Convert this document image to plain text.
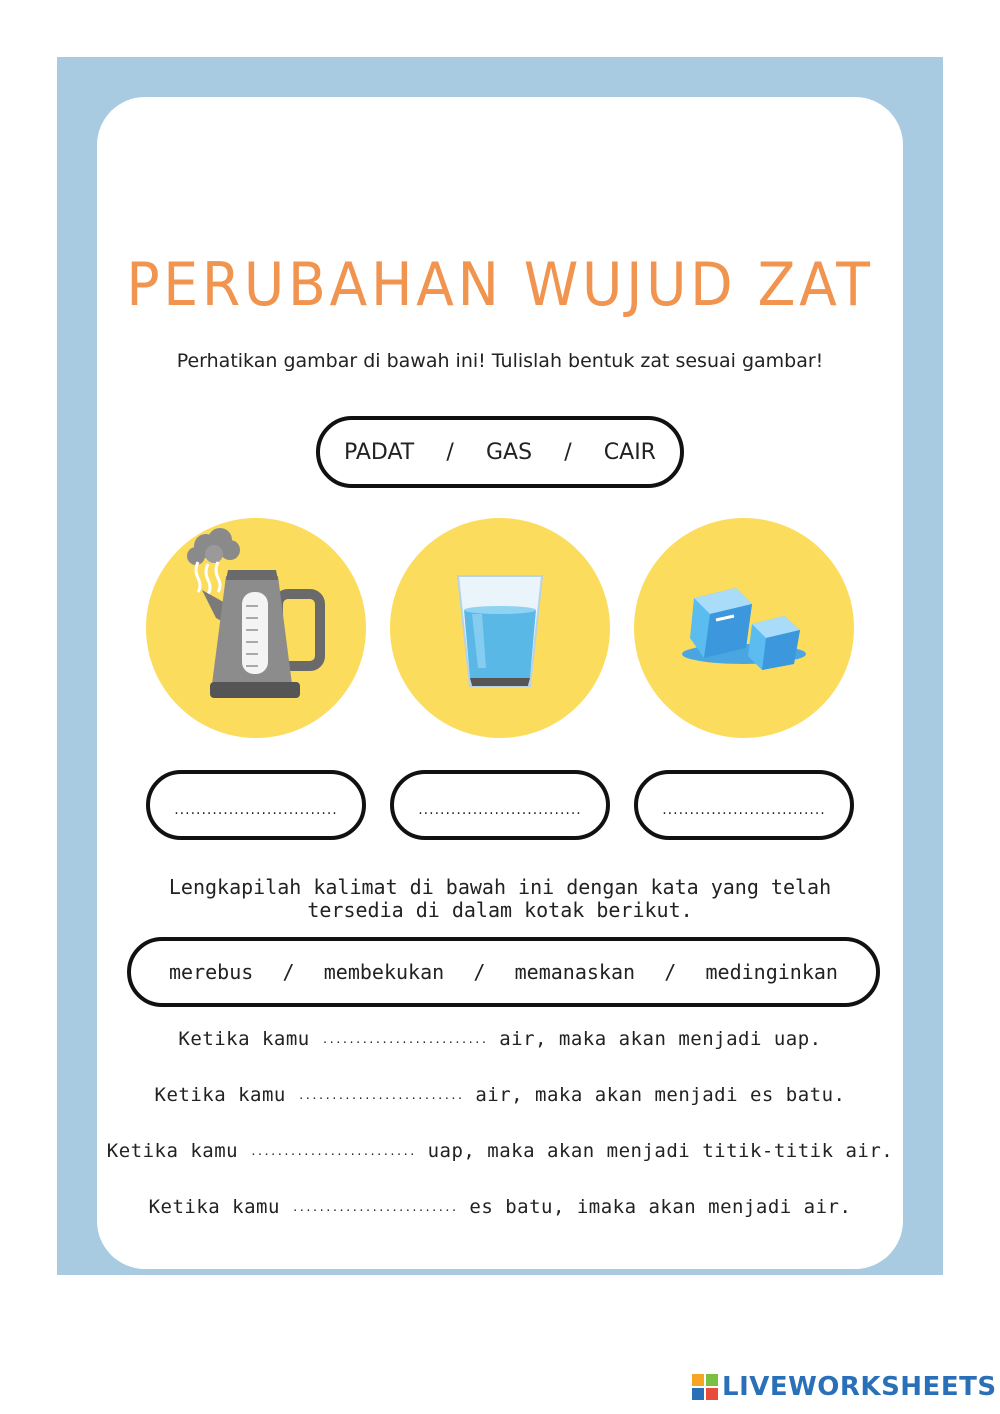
PERUBAHAN WUJUD ZAT
Perhatikan gambar di bawah ini! Tulislah bentuk zat sesuai gambar!
PADAT / GAS / CAIR
..............................	..............................	..............................
Lengkapilah kalimat di bawah ini dengan kata yang telah
tersedia di dalam kotak berikut.
merebus / membekukan / memanaskan / medinginkan
Ketika kamu ......................... air, maka akan menjadi uap.
Ketika kamu ......................... air, maka akan menjadi es batu.
Ketika kamu ......................... uap, maka akan menjadi titik-titik air.
Ketika kamu ......................... es batu, imaka akan menjadi air.
LIVEWORKSHEETS
